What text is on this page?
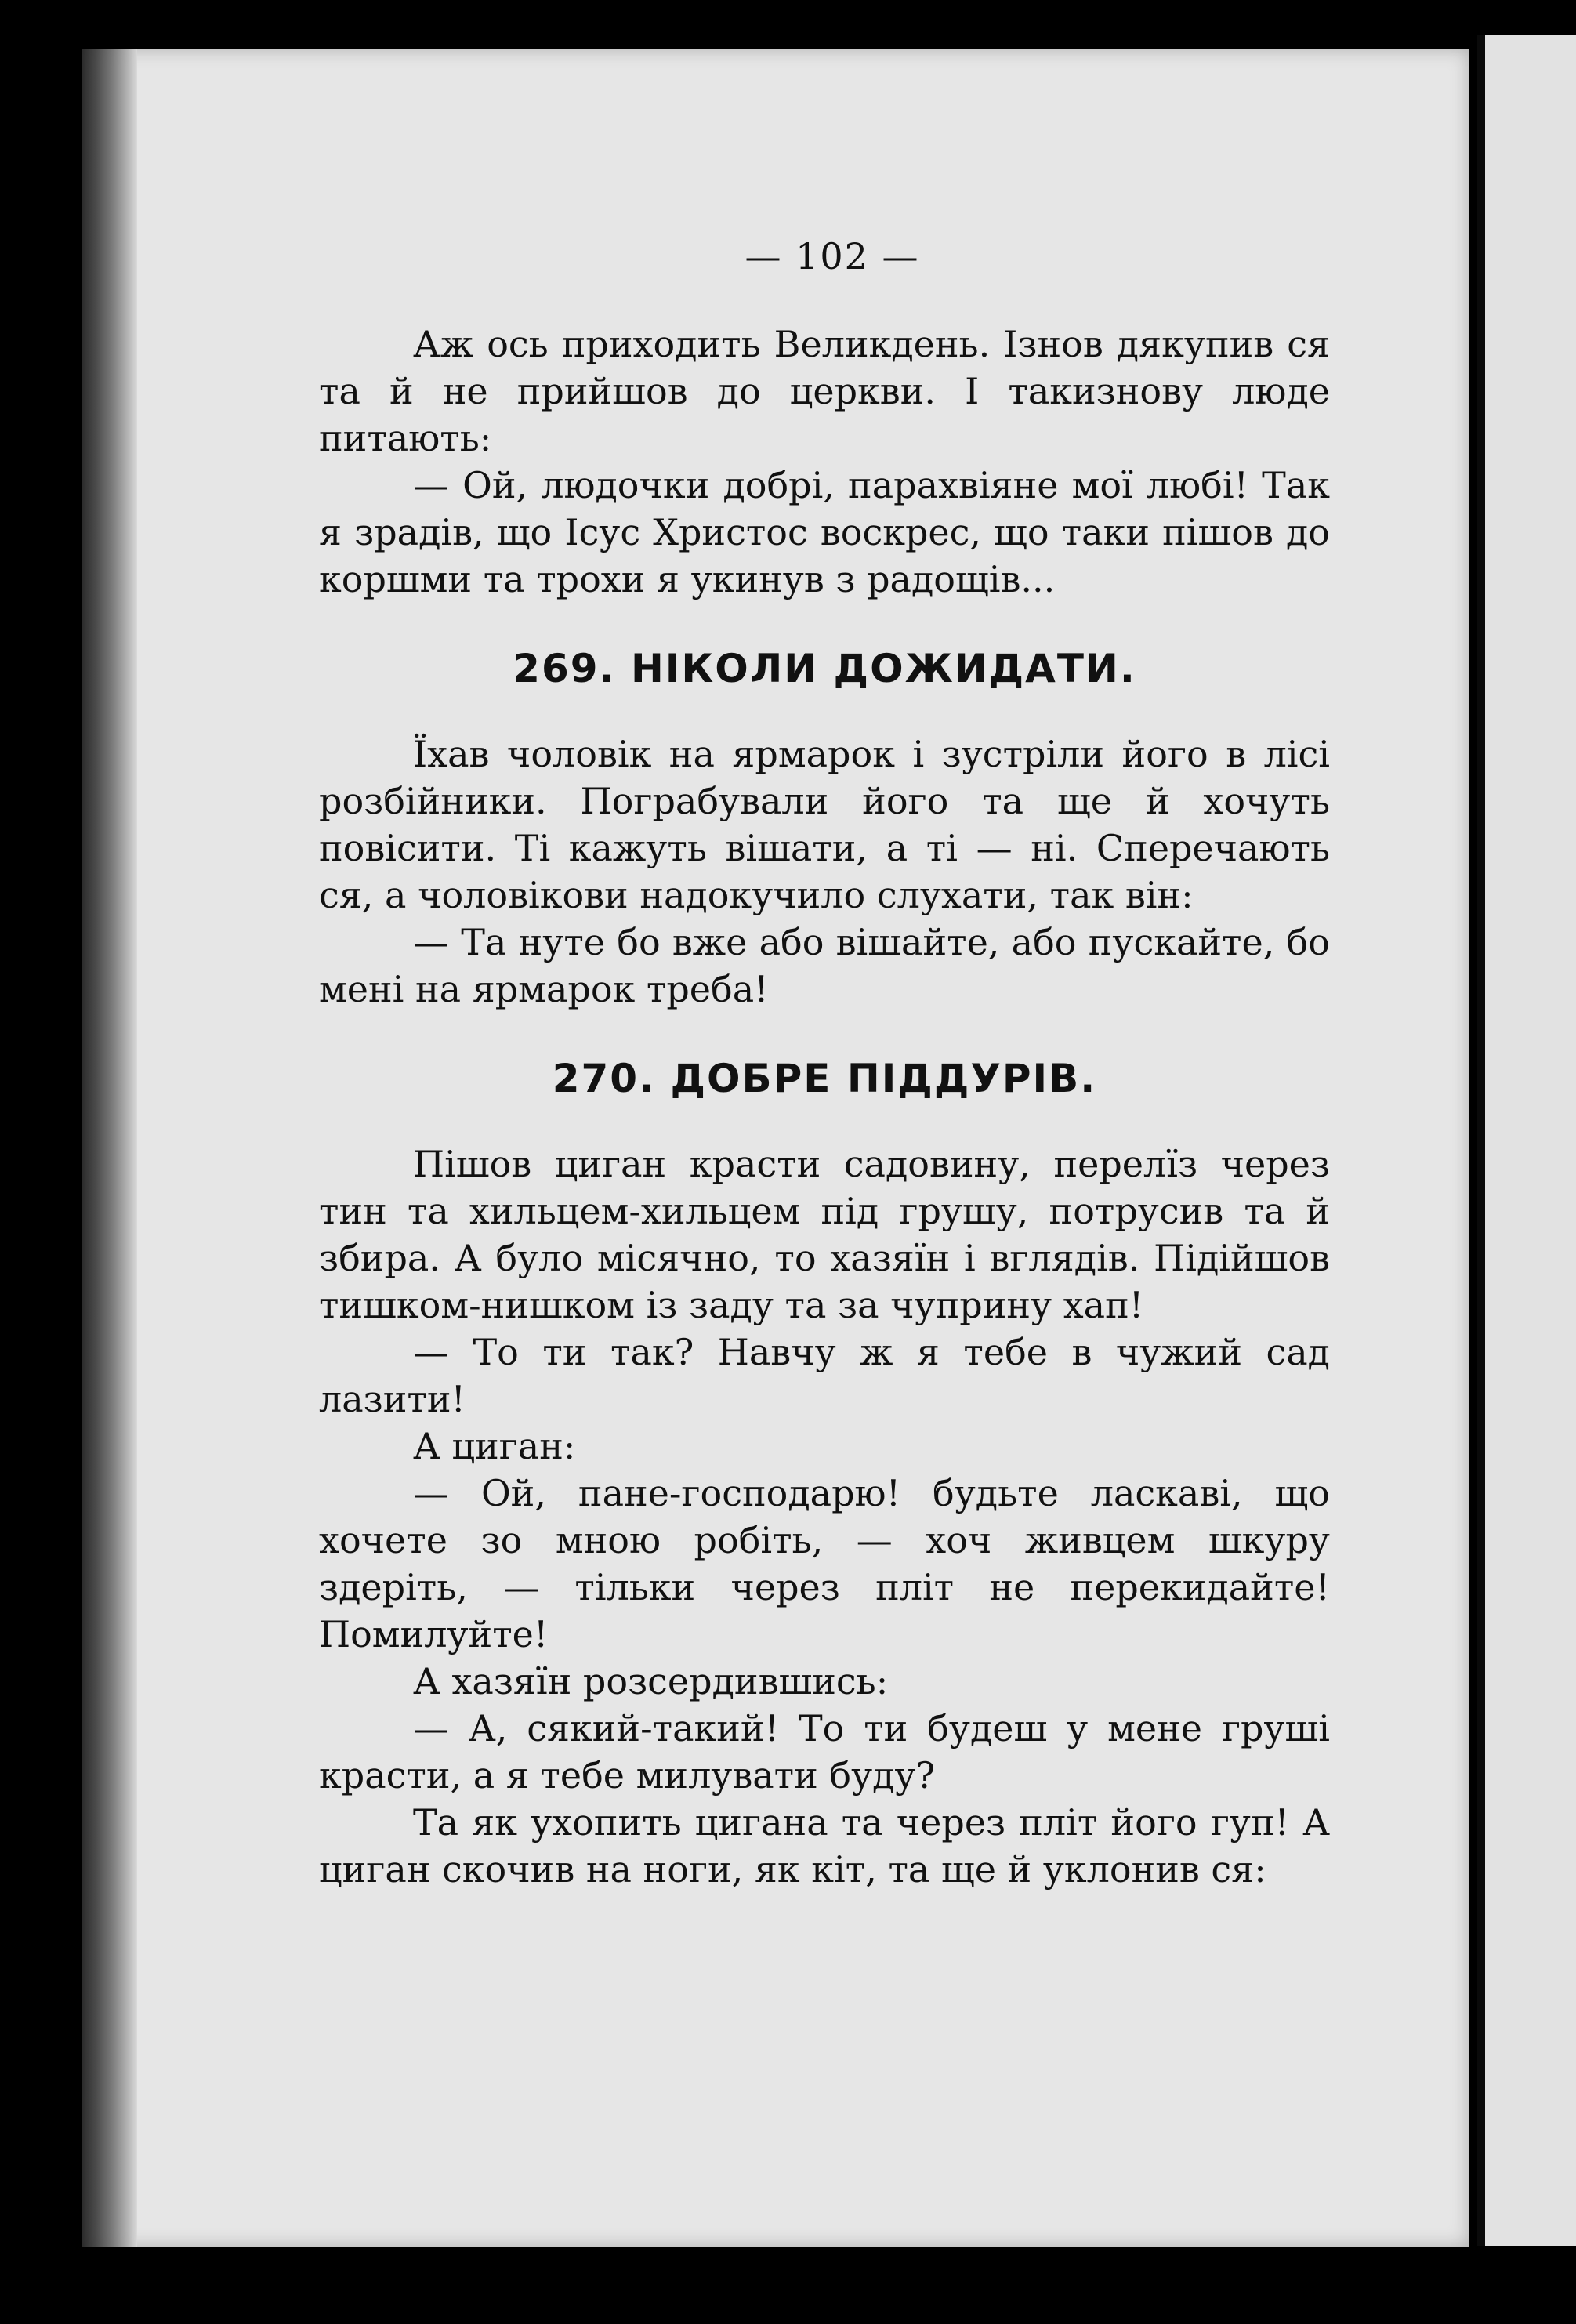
— 102 —

Аж ось приходить Великдень. Ізнов дякупив ся та й не прийшов до церкви. І такизнову люде питають:

— Ой, людочки добрі, парахвіяне мої любі! Так я зрадів, що Ісус Христос воскрес, що таки пішов до коршми та трохи я укинув з радощів...

269. НІКОЛИ ДОЖИДАТИ.

Їхав чоловік на ярмарок і зустріли його в лісі розбійники. Пограбували його та ще й хочуть повісити. Ті кажуть вішати, а ті — ні. Сперечають ся, а чоловікови надокучило слухати, так він:

— Та нуте бо вже або вішайте, або пускайте, бо мені на ярмарок треба!

270. ДОБРЕ ПІДДУРІВ.

Пішов циган красти садовину, перелїз через тин та хильцем-хильцем під грушу, потрусив та й збира. А було місячно, то хазяїн і вглядів. Підійшов тишком-нишком із заду та за чуприну хап!

— То ти так? Навчу ж я тебе в чужий сад лазити!

А циган:

— Ой, пане-господарю! будьте ласкаві, що хочете зо мною робіть, — хоч живцем шкуру здеріть, — тільки через пліт не перекидайте! Помилуйте!

А хазяїн розсердившись:

— А, сякий-такий! То ти будеш у мене груші красти, а я тебе милувати буду?

Та як ухопить цигана та через пліт його гуп! А циган скочив на ноги, як кіт, та ще й уклонив ся:
